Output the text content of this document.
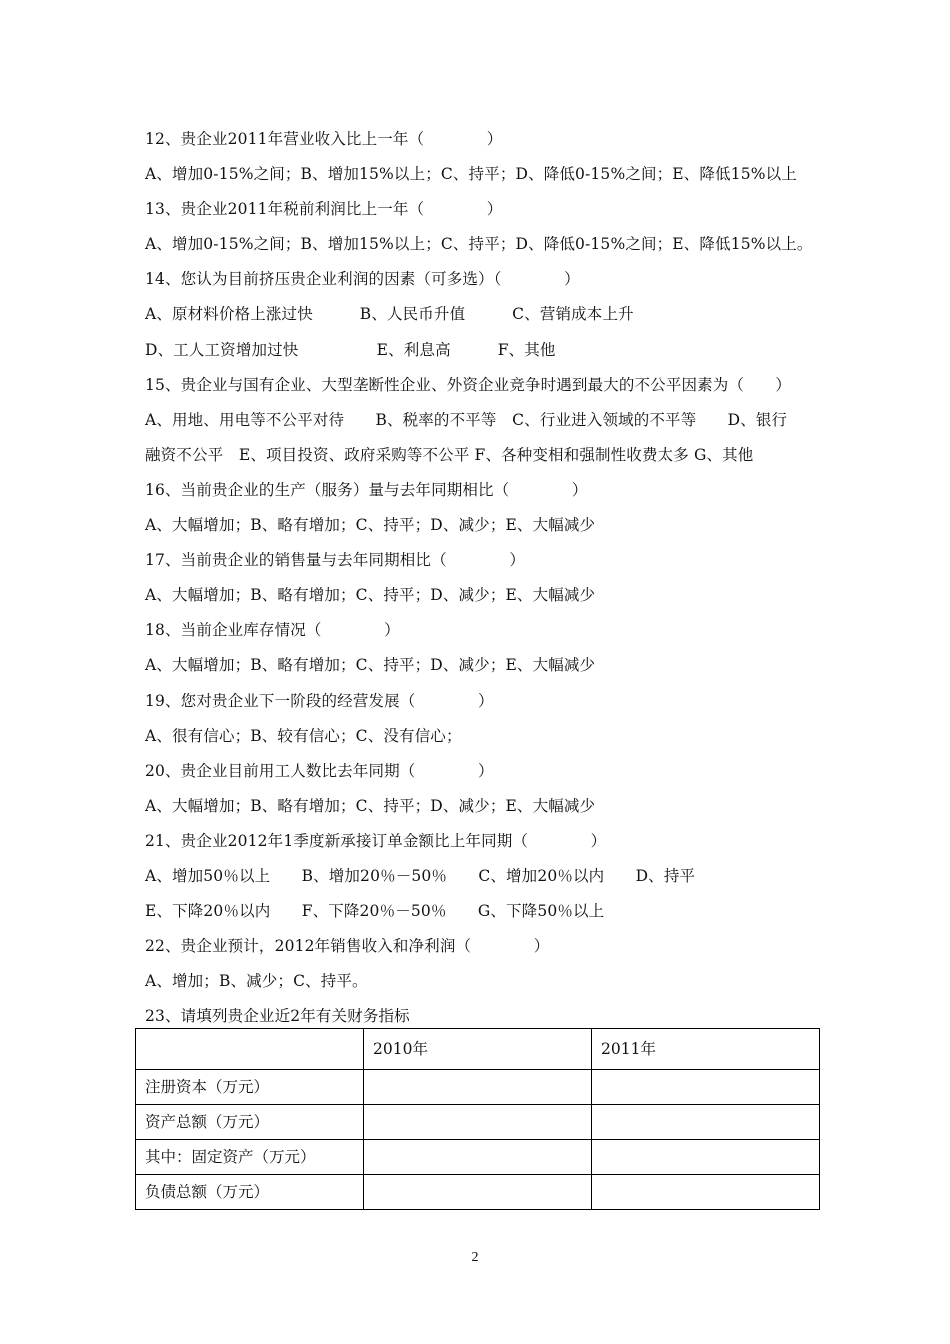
12、贵企业2011年营业收入比上一年（　　　　）
A、增加0-15%之间；B、增加15%以上；C、持平；D、降低0-15%之间；E、降低15%以上
13、贵企业2011年税前利润比上一年（　　　　）
A、增加0-15%之间；B、增加15%以上；C、持平；D、降低0-15%之间；E、降低15%以上。
14、您认为目前挤压贵企业利润的因素（可多选）（　　　　）
A、原材料价格上涨过快　　　B、人民币升值　　　C、营销成本上升
D、工人工资增加过快　　　　　E、利息高　　　F、其他
15、贵企业与国有企业、大型垄断性企业、外资企业竞争时遇到最大的不公平因素为（　　）
A、用地、用电等不公平对待　　B、税率的不平等　C、行业进入领域的不平等　　D、银行
融资不公平　E、项目投资、政府采购等不公平 F、各种变相和强制性收费太多 G、其他
16、当前贵企业的生产（服务）量与去年同期相比（　　　　）
A、大幅增加；B、略有增加；C、持平；D、减少；E、大幅减少
17、当前贵企业的销售量与去年同期相比（　　　　）
A、大幅增加；B、略有增加；C、持平；D、减少；E、大幅减少
18、当前企业库存情况（　　　　）
A、大幅增加；B、略有增加；C、持平；D、减少；E、大幅减少
19、您对贵企业下一阶段的经营发展（　　　　）
A、很有信心；B、较有信心；C、没有信心；
20、贵企业目前用工人数比去年同期（　　　　）
A、大幅增加；B、略有增加；C、持平；D、减少；E、大幅减少
21、贵企业2012年1季度新承接订单金额比上年同期（　　　　）
A、增加50％以上　　B、增加20％－50％　　C、增加20％以内　　D、持平
E、下降20％以内　　F、下降20％－50％　　G、下降50％以上
22、贵企业预计，2012年销售收入和净利润（　　　　）
A、增加；B、减少；C、持平。
23、请填列贵企业近2年有关财务指标
	2010年	2011年
注册资本（万元）		
资产总额（万元）		
其中：固定资产（万元）		
负债总额（万元）		
2
